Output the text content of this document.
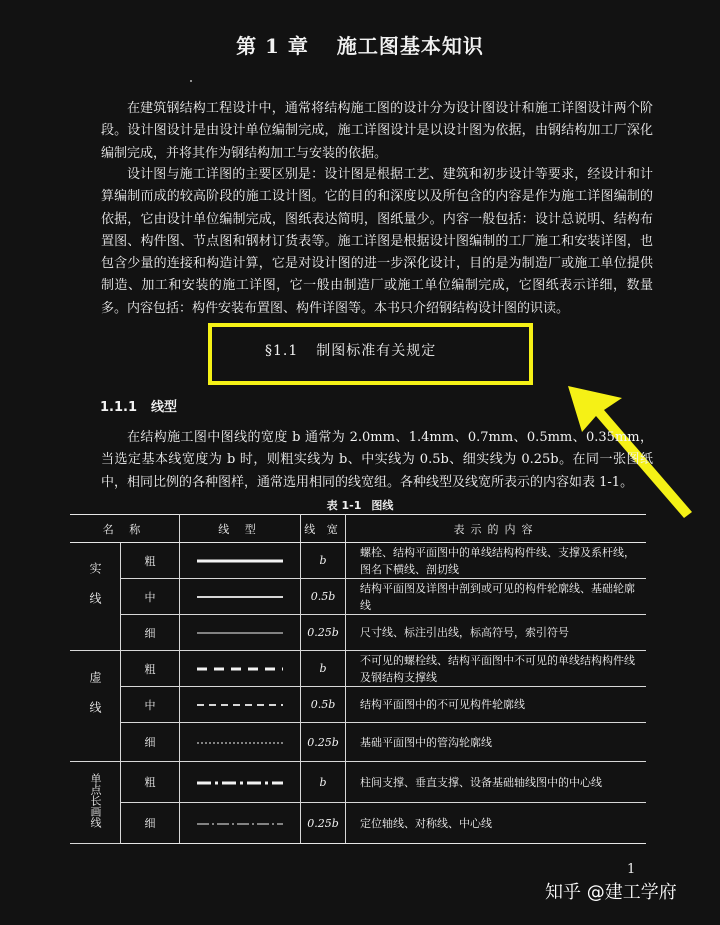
第 1 章 施工图基本知识
在建筑钢结构工程设计中，通常将结构施工图的设计分为设计图设计和施工详图设计两个阶段。设计图设计是由设计单位编制完成，施工详图设计是以设计图为依据，由钢结构加工厂深化编制完成，并将其作为钢结构加工与安装的依据。
设计图与施工详图的主要区别是：设计图是根据工艺、建筑和初步设计等要求，经设计和计算编制而成的较高阶段的施工设计图。它的目的和深度以及所包含的内容是作为施工详图编制的依据，它由设计单位编制完成，图纸表达简明，图纸量少。内容一般包括：设计总说明、结构布置图、构件图、节点图和钢材订货表等。施工详图是根据设计图编制的工厂施工和安装详图，也包含少量的连接和构造计算，它是对设计图的进一步深化设计，目的是为制造厂或施工单位提供制造、加工和安装的施工详图，它一般由制造厂或施工单位编制完成，它图纸表示详细，数量多。内容包括：构件安装布置图、构件详图等。本书只介绍钢结构设计图的识读。
§1.1 制图标准有关规定
1.1.1 线型
在结构施工图中图线的宽度 b 通常为 2.0mm、1.4mm、0.7mm、0.5mm、0.35mm，当选定基本线宽度为 b 时，则粗实线为 b、中实线为 0.5b、细实线为 0.25b。在同一张图纸中，相同比例的各种图样，通常选用相同的线宽组。各种线型及线宽所表示的内容如表 1-1。
表 1-1 图线
名 称		线 型	线 宽	表示的内容
实线	粗		b	螺栓、结构平面图中的单线结构构件线、支撑及系杆线，图名下横线、剖切线
	中		0.5b	结构平面图及详图中剖到或可见的构件轮廓线、基础轮廓线
	细		0.25b	尺寸线、标注引出线，标高符号，索引符号
虚线	粗		b	不可见的螺栓线、结构平面图中不可见的单线结构构件线及钢结构支撑线
	中		0.5b	结构平面图中的不可见构件轮廓线
	细		0.25b	基础平面图中的管沟轮廓线
单点长画线	粗		b	柱间支撑、垂直支撑、设备基础轴线图中的中心线
	细		0.25b	定位轴线、对称线、中心线
1
知乎 @建工学府
